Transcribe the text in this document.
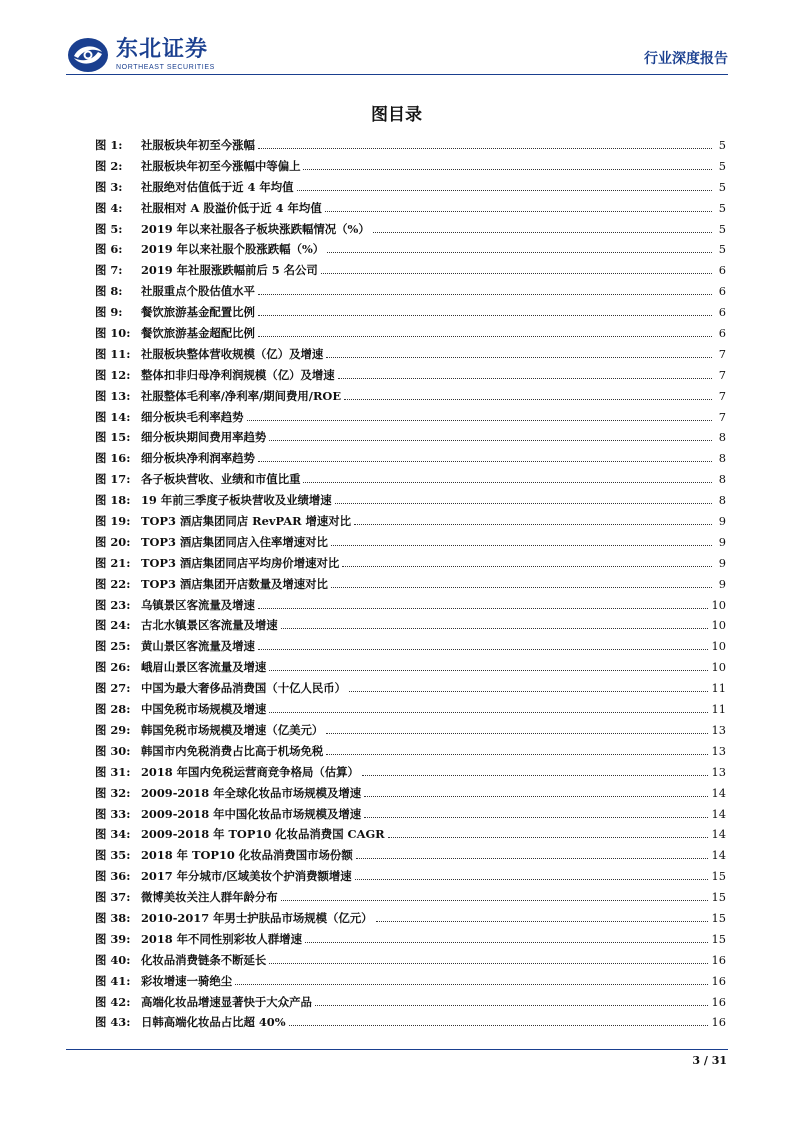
东北证券
NORTHEAST SECURITIES
行业深度报告
图目录
图 1:	社服板块年初至今涨幅	5
图 2:	社服板块年初至今涨幅中等偏上	5
图 3:	社服绝对估值低于近 4 年均值	5
图 4:	社服相对 A 股溢价低于近 4 年均值	5
图 5:	2019 年以来社服各子板块涨跌幅情况（%）	5
图 6:	2019 年以来社服个股涨跌幅（%）	5
图 7:	2019 年社服涨跌幅前后 5 名公司	6
图 8:	社服重点个股估值水平	6
图 9:	餐饮旅游基金配置比例	6
图 10: 餐饮旅游基金超配比例	6
图 11: 社服板块整体营收规模（亿）及增速	7
图 12: 整体扣非归母净利润规模（亿）及增速	7
图 13: 社服整体毛利率/净利率/期间费用/ROE	7
图 14: 细分板块毛利率趋势	7
图 15: 细分板块期间费用率趋势	8
图 16: 细分板块净利润率趋势	8
图 17: 各子板块营收、业绩和市值比重	8
图 18: 19 年前三季度子板块营收及业绩增速	8
图 19: TOP3 酒店集团同店 RevPAR 增速对比	9
图 20: TOP3 酒店集团同店入住率增速对比	9
图 21: TOP3 酒店集团同店平均房价增速对比	9
图 22: TOP3 酒店集团开店数量及增速对比	9
图 23: 乌镇景区客流量及增速	10
图 24: 古北水镇景区客流量及增速	10
图 25: 黄山景区客流量及增速	10
图 26: 峨眉山景区客流量及增速	10
图 27: 中国为最大奢侈品消费国（十亿人民币）	11
图 28: 中国免税市场规模及增速	11
图 29: 韩国免税市场规模及增速（亿美元）	13
图 30: 韩国市内免税消费占比高于机场免税	13
图 31: 2018 年国内免税运营商竞争格局（估算）	13
图 32: 2009-2018 年全球化妆品市场规模及增速	14
图 33: 2009-2018 年中国化妆品市场规模及增速	14
图 34: 2009-2018 年 TOP10 化妆品消费国 CAGR	14
图 35: 2018 年 TOP10 化妆品消费国市场份额	14
图 36: 2017 年分城市/区域美妆个护消费额增速	15
图 37: 微博美妆关注人群年龄分布	15
图 38: 2010-2017 年男士护肤品市场规模（亿元）	15
图 39: 2018 年不同性别彩妆人群增速	15
图 40: 化妆品消费链条不断延长	16
图 41: 彩妆增速一骑绝尘	16
图 42: 高端化妆品增速显著快于大众产品	16
图 43: 日韩高端化妆品占比超 40%	16
3 / 31
